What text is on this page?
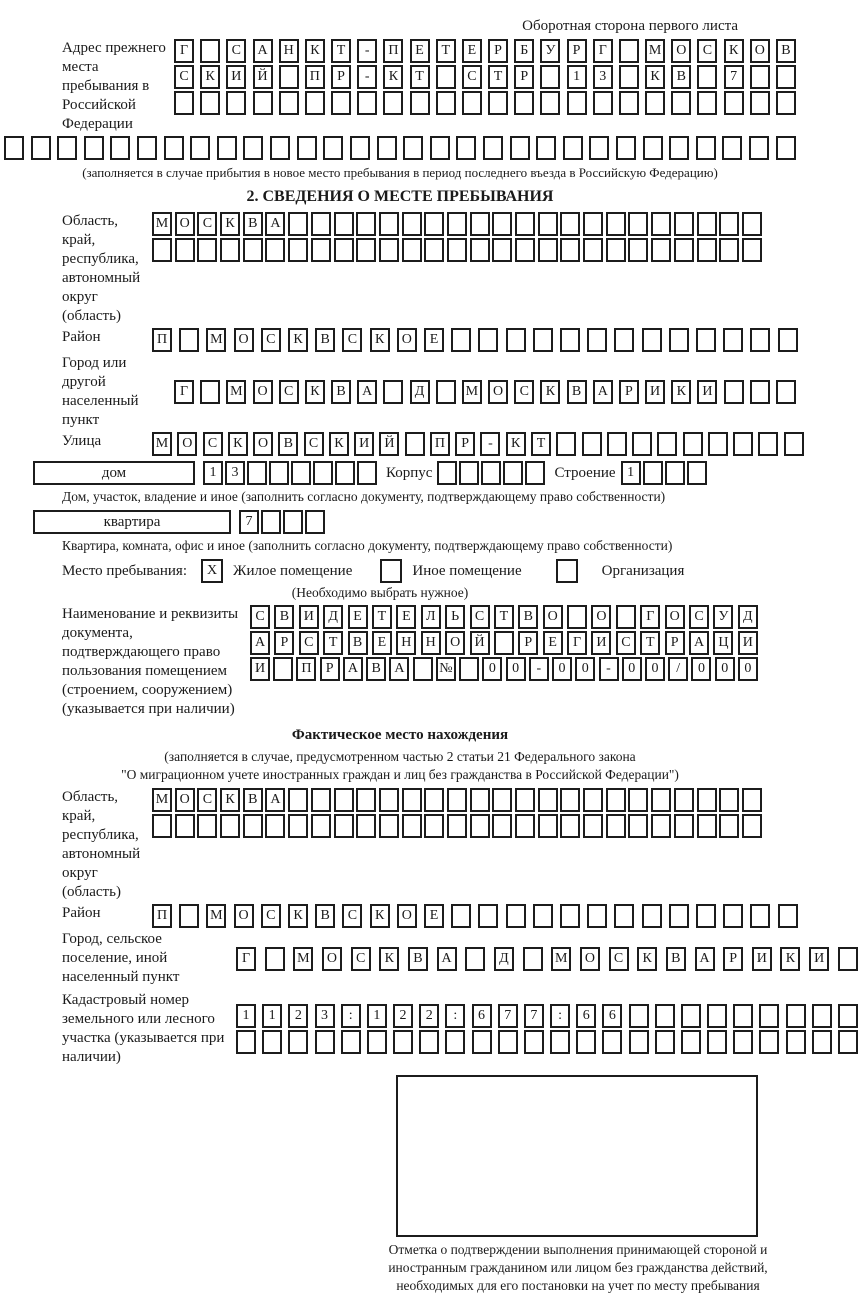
Оборотная сторона первого листа
Адрес прежнего места пребывания в Российской Федерации
Г	С	А	Н	К	Т	-	П	Е	Т	Е	Р	Б	У	Р	Г	М	О	С	К	О	В
С	К	И	Й	П	Р	-	К	Т	С	Т	Р	1	3	К	В	7
(заполняется в случае прибытия в новое место пребывания в период последнего въезда в Российскую Федерацию)
2. СВЕДЕНИЯ О МЕСТЕ ПРЕБЫВАНИЯ
Область, край, республика, автономный округ (область)
М О С К В А
Район	П	М	О	С	К	В	С	К	О	Е
Город или другой населенный пункт
Г	М	О	С	К	В	А	Д	М	О	С	К	В	А	Р	И	К	И
Улица	М О	С	К	О	В	С	К	И	Й	П	Р	-	К	Т
дом	1	3	Корпус	Строение 1
Дом, участок, владение и иное (заполнить согласно документу, подтверждающему право собственности)
квартира	7
Квартира, комната, офис и иное (заполнить согласно документу, подтверждающему право собственности)
Место пребывания:	X	Жилое помещение	Иное помещение	Организация
(Необходимо выбрать нужное)
Наименование и реквизиты документа, подтверждающего право пользования помещением (строением, сооружением) (указывается при наличии)
С	В	И	Д	Е	Т	Е	Л	Ь	С	Т	В	О	О	Г	О	С	У	Д
А	Р	С	Т	В	Е	Н	Н	О	Й	Р	Е	Г	И	С	Т	Р	А	Ц	И
И	П	Р	А В А	№	0	0	-	0	0	-	0	0	/	0	0	0
Фактическое место нахождения
(заполняется в случае, предусмотренном частью 2 статьи 21 Федерального закона
"О миграционном учете иностранных граждан и лиц без гражданства в Российской Федерации")
Область, край, республика, автономный округ (область)
М О С К В А
Район	П	М	О	С	К	В	С	К	О	Е
Город, сельское поселение, иной населенный пункт
Г	М	О	С	К	В	А	Д	М	О	С	К	В	А	Р	И	К	И
Кадастровый номер земельного или лесного участка (указывается при наличии)
1	1	2	3	:	1	2	2	:	6	7	7	:	6	6
Отметка о подтверждении выполнения принимающей стороной и иностранным гражданином или лицом без гражданства действий, необходимых для его постановки на учет по месту пребывания
